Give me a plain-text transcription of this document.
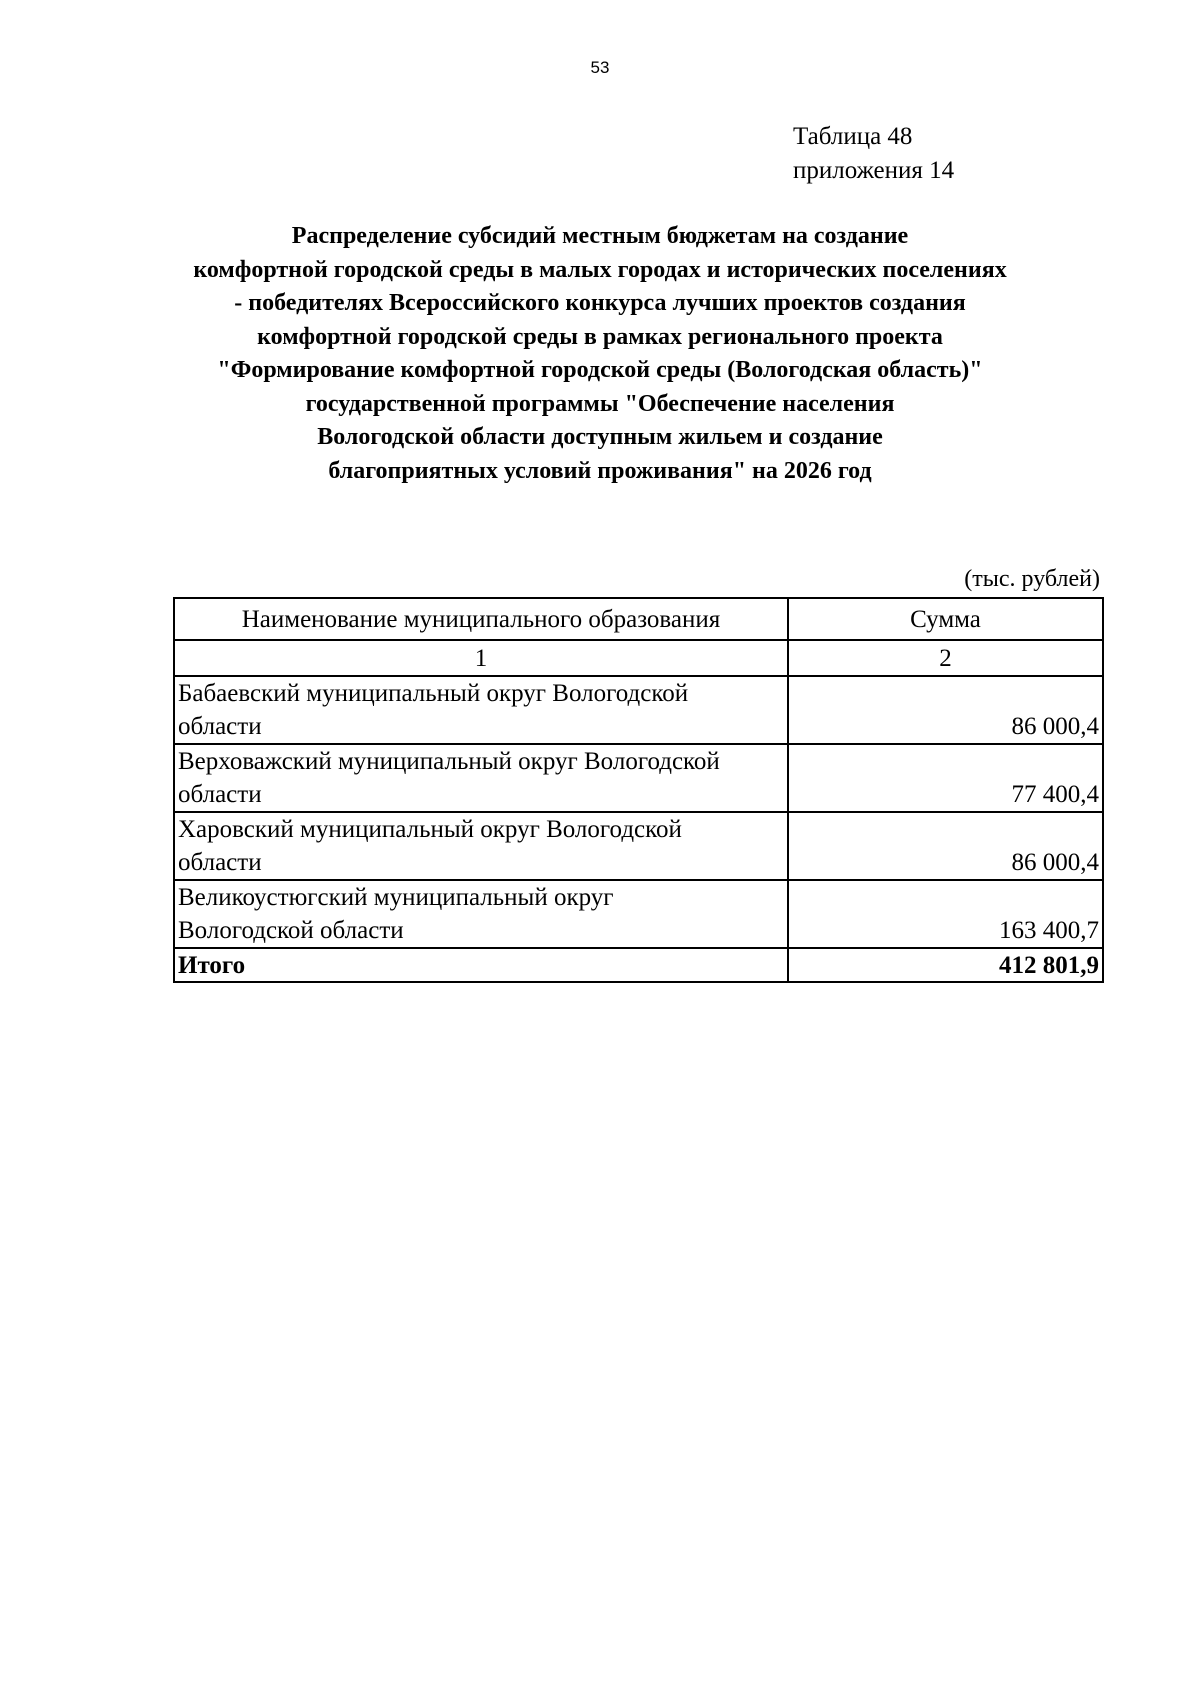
53
Таблица 48
приложения 14
Распределение субсидий местным бюджетам на создание
комфортной городской среды в малых городах и исторических поселениях
- победителях Всероссийского конкурса лучших проектов создания
комфортной городской среды в рамках регионального проекта
"Формирование комфортной городской среды (Вологодская область)"
государственной программы "Обеспечение населения
Вологодской области доступным жильем и создание
благоприятных условий проживания" на 2026 год
(тыс. рублей)
Наименование муниципального образования	Сумма
1	2

Бабаевский муниципальный округ Вологодской
области	86 000,4

Верховажский муниципальный округ Вологодской
области	77 400,4

Харовский муниципальный округ Вологодской
области	86 000,4

Великоустюгский муниципальный округ
Вологодской области	163 400,7
Итого	412 801,9
